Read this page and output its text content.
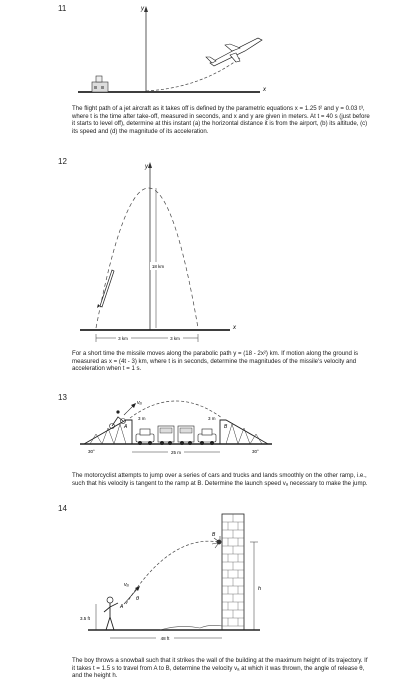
11	y
x
The flight path of a jet aircraft as it takes off is defined by the parametric equations x = 1.25 t² and y = 0.03 t³, where t is the time after take-off, measured in seconds, and x and y are given in meters. At t = 40 s (just before it starts to level off), determine at this instant (a) the horizontal distance it is from the airport, (b) its altitude, (c) its speed and (d) the magnitude of its acceleration.
12
y
x
18 km
3 km	3 km
For a short time the missile moves along the parabolic path y = (18 - 2x²) km. If motion along the ground is measured as x = (4t - 3) km, where t is in seconds, determine the magnitudes of the missile's velocity and acceleration when t = 1 s.
13
vₐ
A	B
3 m	3 m
25 m
30°	30°
The motorcyclist attempts to jump over a series of cars and trucks and lands smoothly on the other ramp, i.e., such that his velocity is tangent to the ramp at B. Determine the launch speed vₐ necessary to make the jump.
14
B
h
A
vₐ
θ
3.5 ft
48 ft
The boy throws a snowball such that it strikes the wall of the building at the maximum height of its trajectory. If it takes t = 1.5 s to travel from A to B, determine the velocity vₐ at which it was thrown, the angle of release θ, and the height h.
